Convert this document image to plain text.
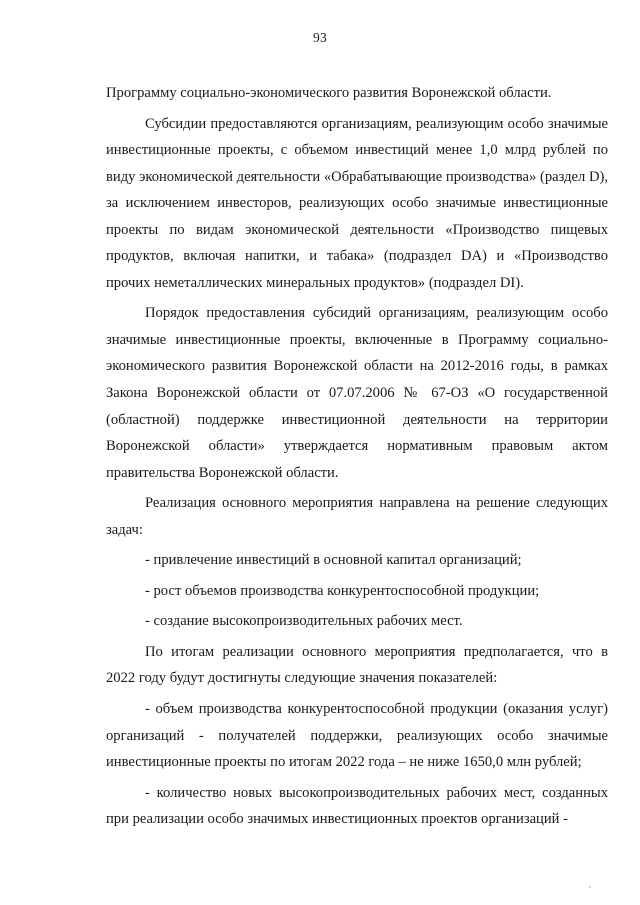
93

Программу социально-экономического развития Воронежской области.

Субсидии предоставляются организациям, реализующим особо значимые инвестиционные проекты, с объемом инвестиций менее 1,0 млрд рублей по виду экономической деятельности «Обрабатывающие производства» (раздел D), за исключением инвесторов, реализующих особо значимые инвестиционные проекты по видам экономической деятельности «Производство пищевых продуктов, включая напитки, и табака» (подраздел DA) и «Производство прочих неметаллических минеральных продуктов» (подраздел DI).

Порядок предоставления субсидий организациям, реализующим особо значимые инвестиционные проекты, включенные в Программу социально-экономического развития Воронежской области на 2012-2016 годы, в рамках Закона Воронежской области от 07.07.2006 № 67-ОЗ «О государственной (областной) поддержке инвестиционной деятельности на территории Воронежской области» утверждается нормативным правовым актом правительства Воронежской области.

Реализация основного мероприятия направлена на решение следующих задач:

- привлечение инвестиций в основной капитал организаций;

- рост объемов производства конкурентоспособной продукции;

- создание высокопроизводительных рабочих мест.

По итогам реализации основного мероприятия предполагается, что в 2022 году будут достигнуты следующие значения показателей:

- объем производства конкурентоспособной продукции (оказания услуг) организаций - получателей поддержки, реализующих особо значимые инвестиционные проекты по итогам 2022 года – не ниже 1650,0 млн рублей;

- количество новых высокопроизводительных рабочих мест, созданных при реализации особо значимых инвестиционных проектов организаций -
